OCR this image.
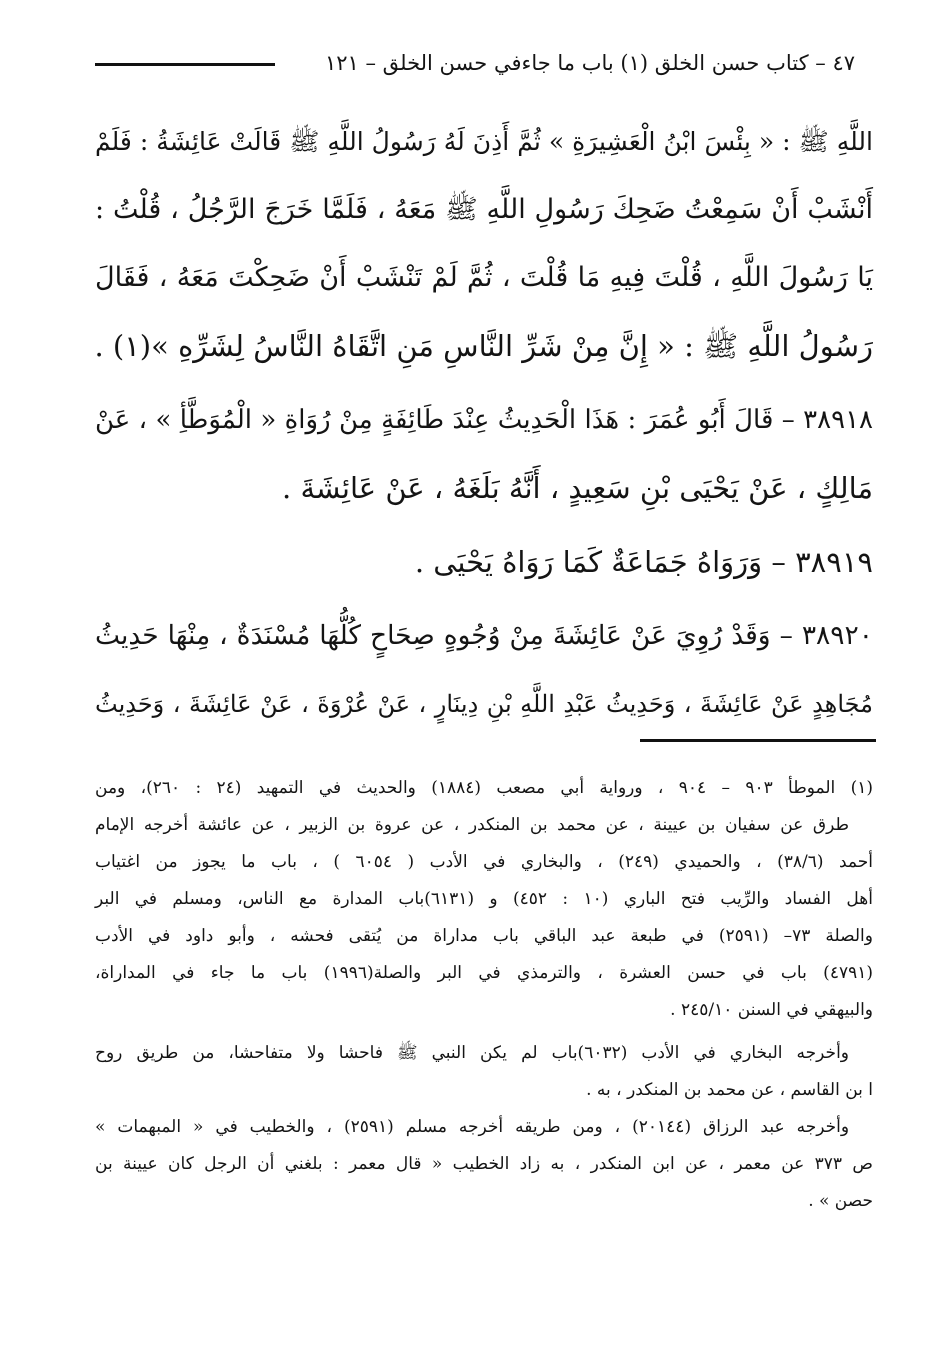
٤٧ – كتاب حسن الخلق (١) باب ما جاءفي حسن الخلق – ١٢١
اللَّهِ ﷺ : « بِئْسَ ابْنُ الْعَشِيرَةِ » ثُمَّ أَذِنَ لَهُ رَسُولُ اللَّهِ ﷺ قَالَتْ عَائِشَةُ : فَلَمْ
أَنْشَبْ أَنْ سَمِعْتُ ضَحِكَ رَسُولِ اللَّهِ ﷺ مَعَهُ ، فَلَمَّا خَرَجَ الرَّجُلُ ، قُلْتُ :
يَا رَسُولَ اللَّهِ ، قُلْتَ فِيهِ مَا قُلْتَ ، ثُمَّ لَمْ تَنْشَبْ أَنْ ضَحِكْتَ مَعَهُ ، فَقَالَ
رَسُولُ اللَّهِ ﷺ : « إِنَّ مِنْ شَرِّ النَّاسِ مَنِ اتَّقَاهُ النَّاسُ لِشَرِّهِ »(١) .
٣٨٩١٨ – قَالَ أَبُو عُمَرَ : هَذَا الْحَدِيثُ عِنْدَ طَائِفَةٍ مِنْ رُوَاةِ « الْمُوَطَّأِ » ، عَنْ
مَالِكٍ ، عَنْ يَحْيَى بْنِ سَعِيدٍ ، أَنَّهُ بَلَغَهُ ، عَنْ عَائِشَةَ .
٣٨٩١٩ – وَرَوَاهُ جَمَاعَةٌ كَمَا رَوَاهُ يَحْيَى .
٣٨٩٢٠ – وَقَدْ رُوِيَ عَنْ عَائِشَةَ مِنْ وُجُوهٍ صِحَاحٍ كُلُّهَا مُسْنَدَةٌ ، مِنْهَا حَدِيثُ
مُجَاهِدٍ عَنْ عَائِشَةَ ، وَحَدِيثُ عَبْدِ اللَّهِ بْنِ دِينَارٍ ، عَنْ عُرْوَةَ ، عَنْ عَائِشَةَ ، وَحَدِيثُ
(١) الموطأ ٩٠٣ – ٩٠٤ ، ورواية أبي مصعب (١٨٨٤) والحديث في التمهيد (٢٤ : ٢٦٠)، ومن
طرق عن سفيان بن عيينة ، عن محمد بن المنكدر ، عن عروة بن الزبير ، عن عائشة أخرجه الإمام
أحمد (٣٨/٦) ، والحميدي (٢٤٩) ، والبخاري في الأدب ( ٦٠٥٤ ) ، باب ما يجوز من اغتياب
أهل الفساد والرِّيب فتح الباري (١٠ : ٤٥٢) و (٦١٣١)باب المدارة مع الناس، ومسلم في البر
والصلة ٧٣– (٢٥٩١) في طبعة عبد الباقي باب مداراة من يُتقى فحشه ، وأبو داود في الأدب
(٤٧٩١) باب في حسن العشرة ، والترمذي في البر والصلة(١٩٩٦) باب ما جاء في المداراة،
والبيهقي في السنن ٢٤٥/١٠ .
وأخرجه البخاري في الأدب (٦٠٣٢)باب لم يكن النبي ﷺ فاحشا ولا متفاحشا، من طريق روح
ا بن القاسم ، عن محمد بن المنكدر ، به .
وأخرجه عبد الرزاق (٢٠١٤٤) ، ومن طريقه أخرجه مسلم (٢٥٩١) ، والخطيب في « المبهمات »
ص ٣٧٣ عن معمر ، عن ابن المنكدر ، به زاد الخطيب « قال معمر : بلغني أن الرجل كان عيينة بن
حصن » .
